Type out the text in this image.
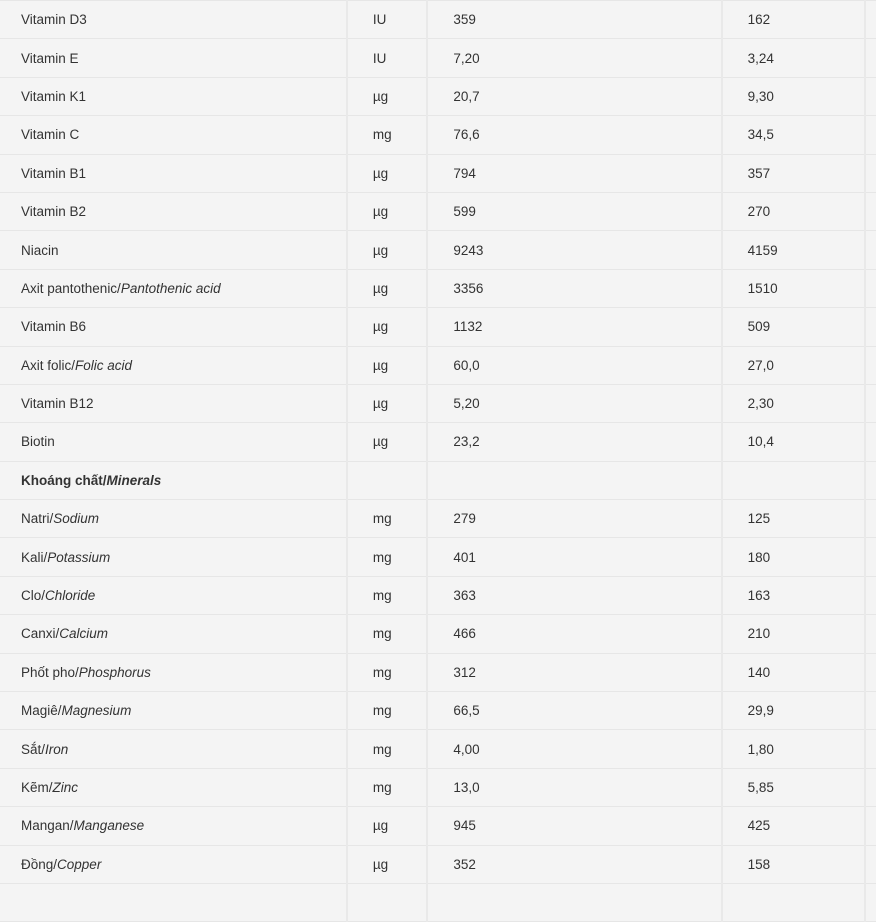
Vitamin D3	IU	359	162	
Vitamin E	IU	7,20	3,24	
Vitamin K1	µg	20,7	9,30	
Vitamin C	mg	76,6	34,5	
Vitamin B1	µg	794	357	
Vitamin B2	µg	599	270	
Niacin	µg	9243	4159	
Axit pantothenic/Pantothenic acid	µg	3356	1510	
Vitamin B6	µg	1132	509	
Axit folic/Folic acid	µg	60,0	27,0	
Vitamin B12	µg	5,20	2,30	
Biotin	µg	23,2	10,4	
Khoáng chất/Minerals				
Natri/Sodium	mg	279	125	
Kali/Potassium	mg	401	180	
Clo/Chloride	mg	363	163	
Canxi/Calcium	mg	466	210	
Phốt pho/Phosphorus	mg	312	140	
Magiê/Magnesium	mg	66,5	29,9	
Sắt/Iron	mg	4,00	1,80	
Kẽm/Zinc	mg	13,0	5,85	
Mangan/Manganese	µg	945	425	
Đồng/Copper	µg	352	158	
